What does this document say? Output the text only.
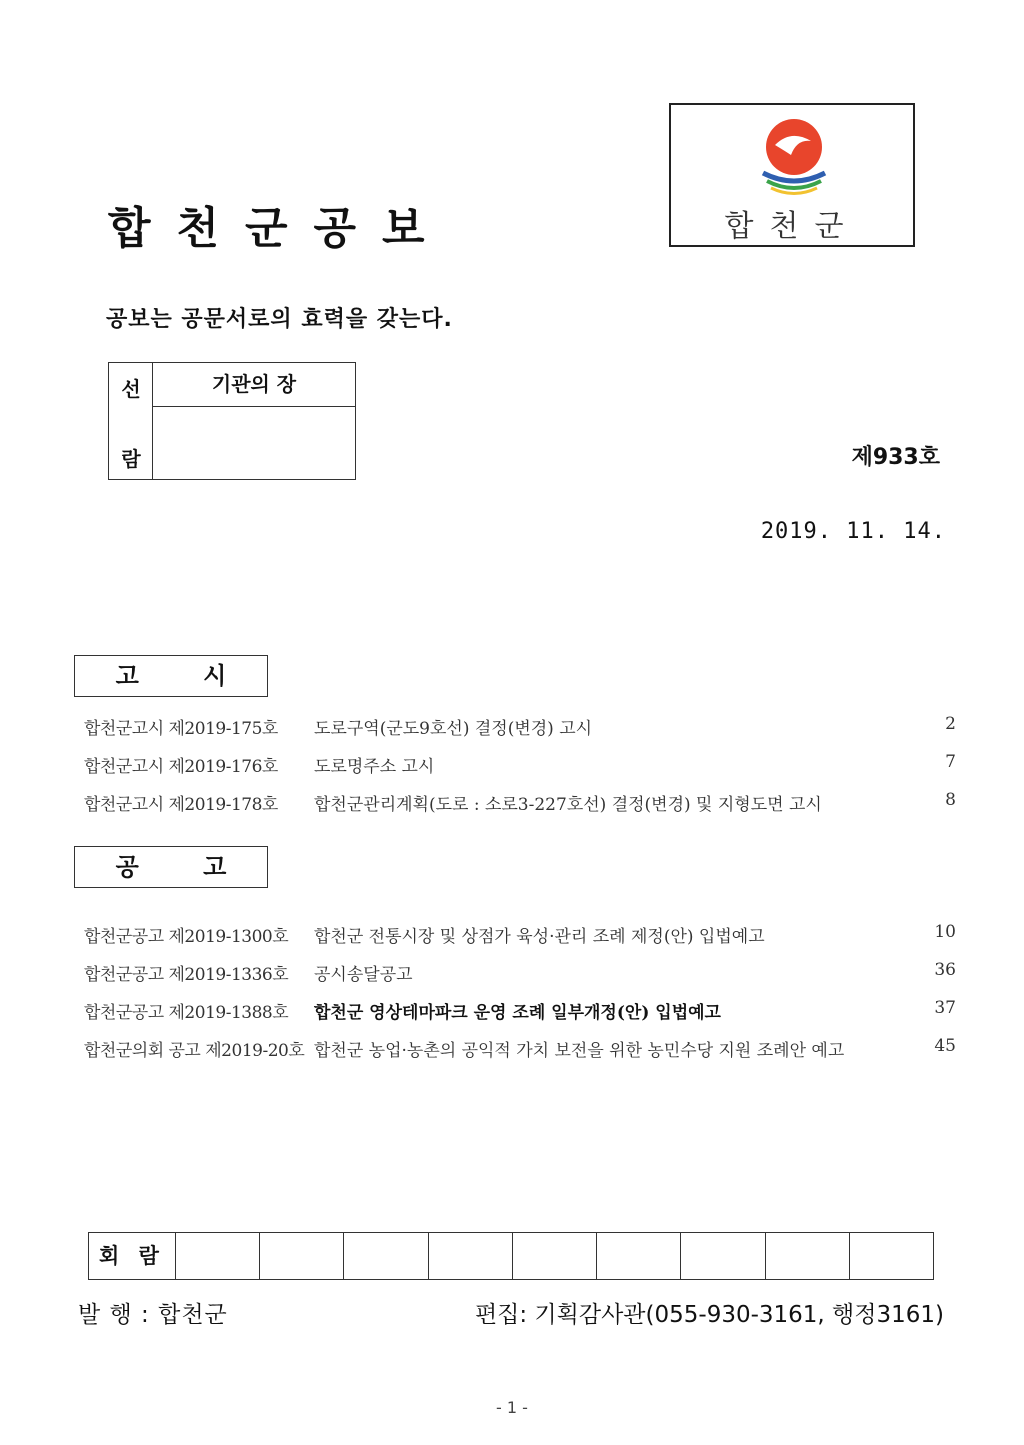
합천군공보	합천군
공보는 공문서로의 효력을 갖는다.
선
람
기관의 장
제933호
2019. 11. 14.
고 시
합천군고시 제2019-175호 도로구역(군도9호선) 결정(변경) 고시	2
합천군고시 제2019-176호 도로명주소 고시	7
합천군고시 제2019-178호 합천군관리계획(도로 : 소로3-227호선) 결정(변경) 및 지형도면 고시	8
공 고
합천군공고 제2019-1300호 합천군 전통시장 및 상점가 육성·관리 조례 제정(안) 입법예고	10
합천군공고 제2019-1336호 공시송달공고	36
합천군공고 제2019-1388호 합천군 영상테마파크 운영 조례 일부개정(안) 입법예고	37
합천군의회 공고 제2019-20호 합천군 농업·농촌의 공익적 가치 보전을 위한 농민수당 지원 조례안 예고	45
회 람
발 행 : 합천군	편집: 기획감사관(055-930-3161, 행정3161)
- 1 -
